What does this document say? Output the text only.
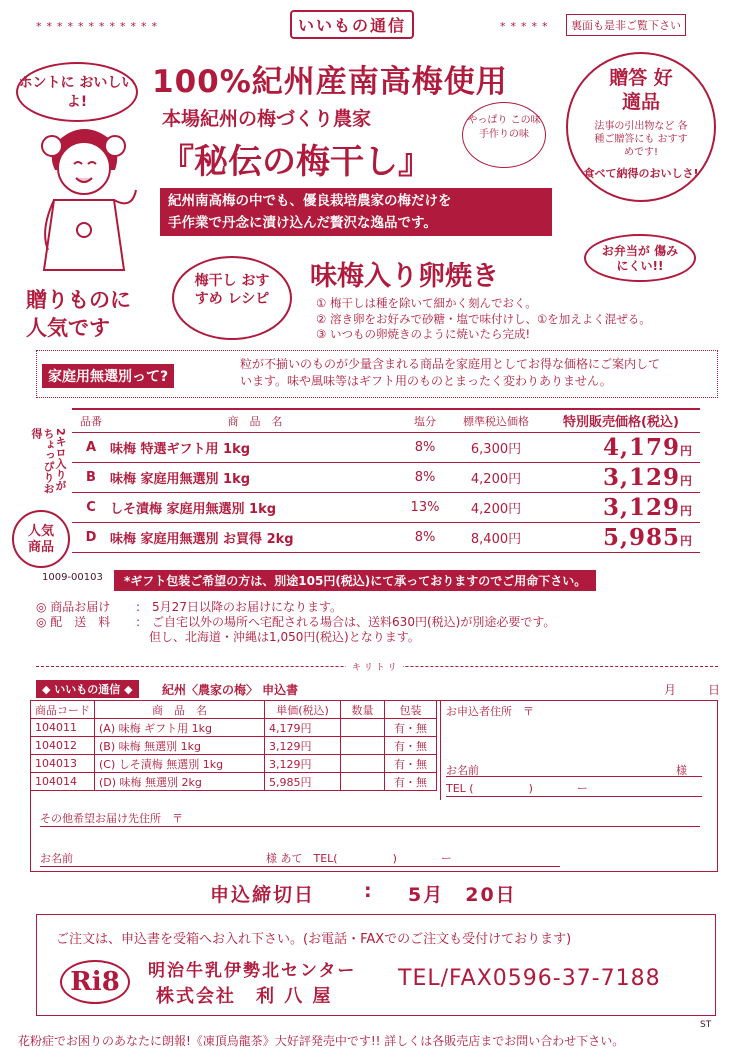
************	いいもの通信	*****	裏面も是非ご覧下さい
ホントに おいしいよ!
100%紀州産南高梅使用
本場紀州の梅づくり農家
『秘伝の梅干し』
やっぱり この味 手作りの味
贈答 好適品
法事の引出物など 各種ご贈答にも おすすめです!
食べて納得のおいしさ!
紀州南高梅の中でも、優良栽培農家の梅だけを
手作業で丹念に漬け込んだ贅沢な逸品です。
贈りものに 人気です
梅干し おすすめ レシピ
味梅入り卵焼き
お弁当が 傷みにくい!!
① 梅干しは種を除いて細かく刻んでおく。
② 溶き卵をお好みで砂糖・塩で味付けし、①を加えよく混ぜる。
③ いつもの卵焼きのように焼いたら完成!
家庭用無選別って?
粒が不揃いのものが少量含まれる商品を家庭用としてお得な価格にご案内して
います。味や風味等はギフト用のものとまったく変わりありません。
品番	商　品　名	塩分	標準税込価格	特別販売価格(税込)
A	味梅 特選ギフト用 1kg	8%	6,300円	4,179円
B	味梅 家庭用無選別 1kg	8%	4,200円	3,129円
C	しそ漬梅 家庭用無選別 1kg	13%	4,200円	3,129円
D	味梅 家庭用無選別 お買得 2kg	8%	8,400円	5,985円
2キロ入りが ちょっぴりお得
人気 商品
1009-00103	*ギフト包装ご希望の方は、別途105円(税込)にて承っておりますのでご用命下さい。
◎ 商品お届け :　5月27日以降のお届けになります。
◎ 配　送　料 :　ご自宅以外の場所へ宅配される場合は、送料630円(税込)が別途必要です。
但し、北海道・沖縄は1,050円(税込)となります。
キ リ ト リ
◆ いいもの通信 ◆	紀州〈農家の梅〉 申込書	月	日
商品コード	商　品　名	単価(税込)	数量	包装
104011	(A) 味梅 ギフト用 1kg	4,179円		有・無
104012	(B) 味梅 無選別 1kg	3,129円		有・無
104013	(C) しそ漬梅 無選別 1kg	3,129円		有・無
104014	(D) 味梅 無選別 2kg	5,985円		有・無
お申込者住所　〒
お名前	様
TEL (　　　　　)　　　　ー
その他希望お届け先住所　〒
お名前	様 あて　TEL(　　　　　)　　　　ー
申込締切日	: 5月　20日
ご注文は、申込書を受箱へお入れ下さい。(お電話・FAXでのご注文も受付けております)
Ri8	明治牛乳伊勢北センター
株式会社　利 八 屋
TEL/FAX0596-37-7188
ST
花粉症でお困りのあなたに朗報!《凍頂烏龍茶》大好評発売中です!! 詳しくは各販売店までお問い合わせ下さい。
